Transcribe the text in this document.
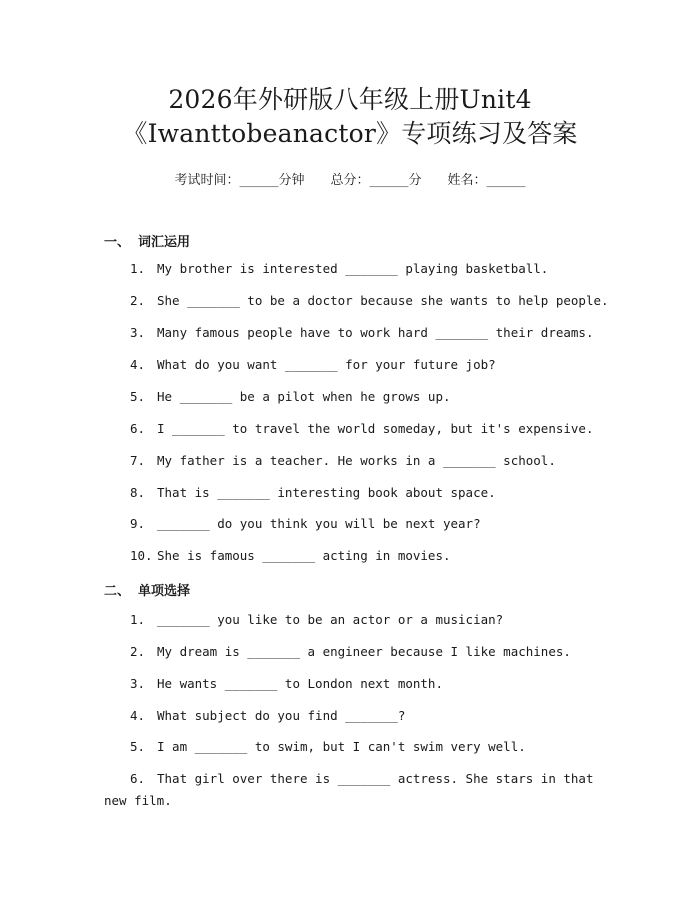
2026年外研版八年级上册Unit4
《Iwanttobeanactor》专项练习及答案
考试时间：______分钟 总分：______分 姓名：______
一、 词汇运用
1. My brother is interested _______ playing basketball.
2. She _______ to be a doctor because she wants to help people.
3. Many famous people have to work hard _______ their dreams.
4. What do you want _______ for your future job?
5. He _______ be a pilot when he grows up.
6. I _______ to travel the world someday, but it's expensive.
7. My father is a teacher. He works in a _______ school.
8. That is _______ interesting book about space.
9. _______ do you think you will be next year?
10. She is famous _______ acting in movies.
二、 单项选择
1. _______ you like to be an actor or a musician?
2. My dream is _______ a engineer because I like machines.
3. He wants _______ to London next month.
4. What subject do you find _______?
5. I am _______ to swim, but I can't swim very well.
6. That girl over there is _______ actress. She stars in that new film.
